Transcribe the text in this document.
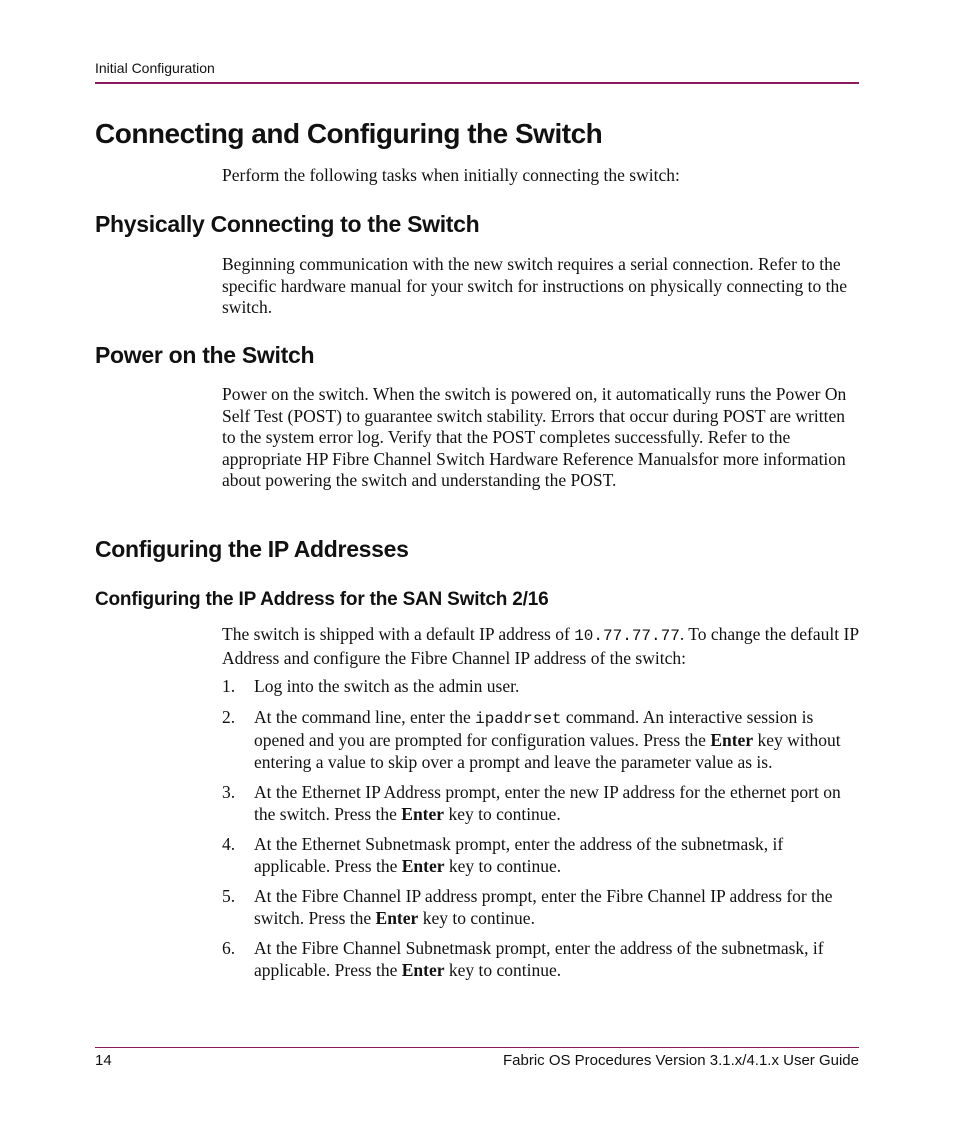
Initial Configuration
Connecting and Configuring the Switch

Perform the following tasks when initially connecting the switch:

Physically Connecting to the Switch

Beginning communication with the new switch requires a serial connection. Refer to the specific hardware manual for your switch for instructions on physically connecting to the switch.

Power on the Switch

Power on the switch. When the switch is powered on, it automatically runs the Power On Self Test (POST) to guarantee switch stability. Errors that occur during POST are written to the system error log. Verify that the POST completes successfully. Refer to the appropriate HP Fibre Channel Switch Hardware Reference Manualsfor more information about powering the switch and understanding the POST.

Configuring the IP Addresses
Configuring the IP Address for the SAN Switch 2/16

The switch is shipped with a default IP address of 10.77.77.77. To change the default IP Address and configure the Fibre Channel IP address of the switch:

1. Log into the switch as the admin user.
2. At the command line, enter the ipaddrset command. An interactive session is opened and you are prompted for configuration values. Press the Enter key without entering a value to skip over a prompt and leave the parameter value as is.
3. At the Ethernet IP Address prompt, enter the new IP address for the ethernet port on the switch. Press the Enter key to continue.
4. At the Ethernet Subnetmask prompt, enter the address of the subnetmask, if applicable. Press the Enter key to continue.
5. At the Fibre Channel IP address prompt, enter the Fibre Channel IP address for the switch. Press the Enter key to continue.
6. At the Fibre Channel Subnetmask prompt, enter the address of the subnetmask, if applicable. Press the Enter key to continue.
14	Fabric OS Procedures Version 3.1.x/4.1.x User Guide
